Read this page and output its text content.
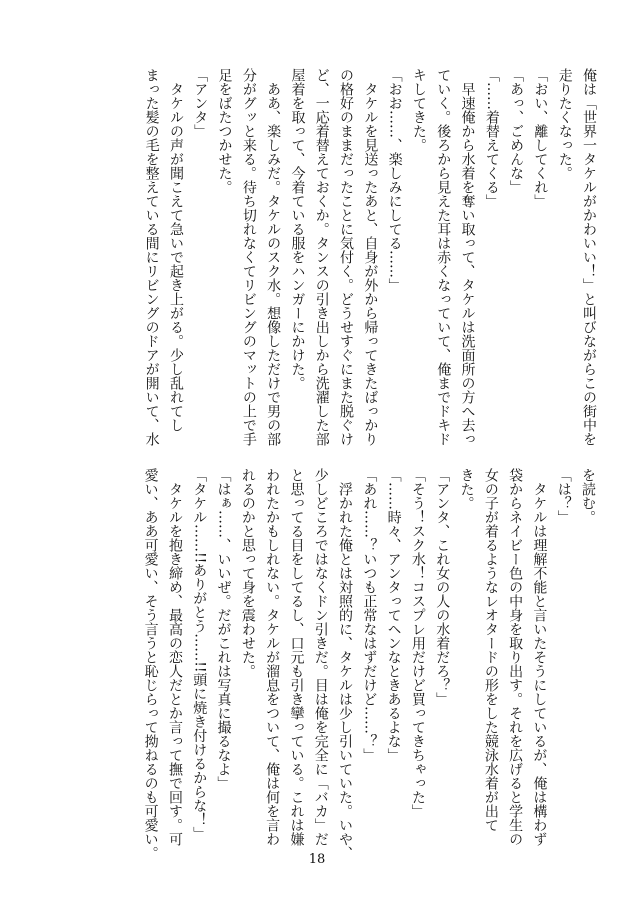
俺は「世界一タケルがかわいい！」と叫びながらこの街中を
走りたくなった。
「おい、離してくれ」
「あっ、ごめんな」
「……着替えてくる」
　早速俺から水着を奪い取って、タケルは洗面所の方へ去っ
ていく。後ろから見えた耳は赤くなっていて、俺までドキド
キしてきた。
「おお……、楽しみにしてる……」
　タケルを見送ったあと、自身が外から帰ってきたばっかり
の格好のままだったことに気付く。どうせすぐにまた脱ぐけ
ど、一応着替えておくか。タンスの引き出しから洗濯した部
屋着を取って、今着ている服をハンガーにかけた。
　ああ、楽しみだ。タケルのスク水。想像しただけで男の部
分がグッと来る。待ち切れなくてリビングのマットの上で手
足をばたつかせた。
「アンタ」
　タケルの声が聞こえて急いで起き上がる。少し乱れてし
まった髪の毛を整えている間にリビングのドアが開いて、水
を読む。
「は？」
　タケルは理解不能と言いたそうにしているが、俺は構わず
袋からネイビー色の中身を取り出す。それを広げると学生の
女の子が着るようなレオタードの形をした競泳水着が出て
きた。
「アンタ、これ女の人の水着だろ？」
「そう！スク水！コスプレ用だけど買ってきちゃった」
「……時々、アンタってヘンなときあるよな」
「あれ……？いつも正常なはずだけど……？」
　浮かれた俺とは対照的に、タケルは少し引いていた。いや、
少しどころではなくドン引きだ。目は俺を完全に「バカ」だ
と思ってる目をしてるし、口元も引き攣っている。これは嫌
われたかもしれない。タケルが溜息をついて、俺は何を言わ
れるのかと思って身を震わせた。
「はぁ……、いいぜ。だがこれは写真に撮るなよ」
「タケル……!!ありがとう……!!頭に焼き付けるからな！」
　タケルを抱き締め、最高の恋人だとか言って撫で回す。可
愛い、ああ可愛い、そう言うと恥じらって拗ねるのも可愛い。	18
